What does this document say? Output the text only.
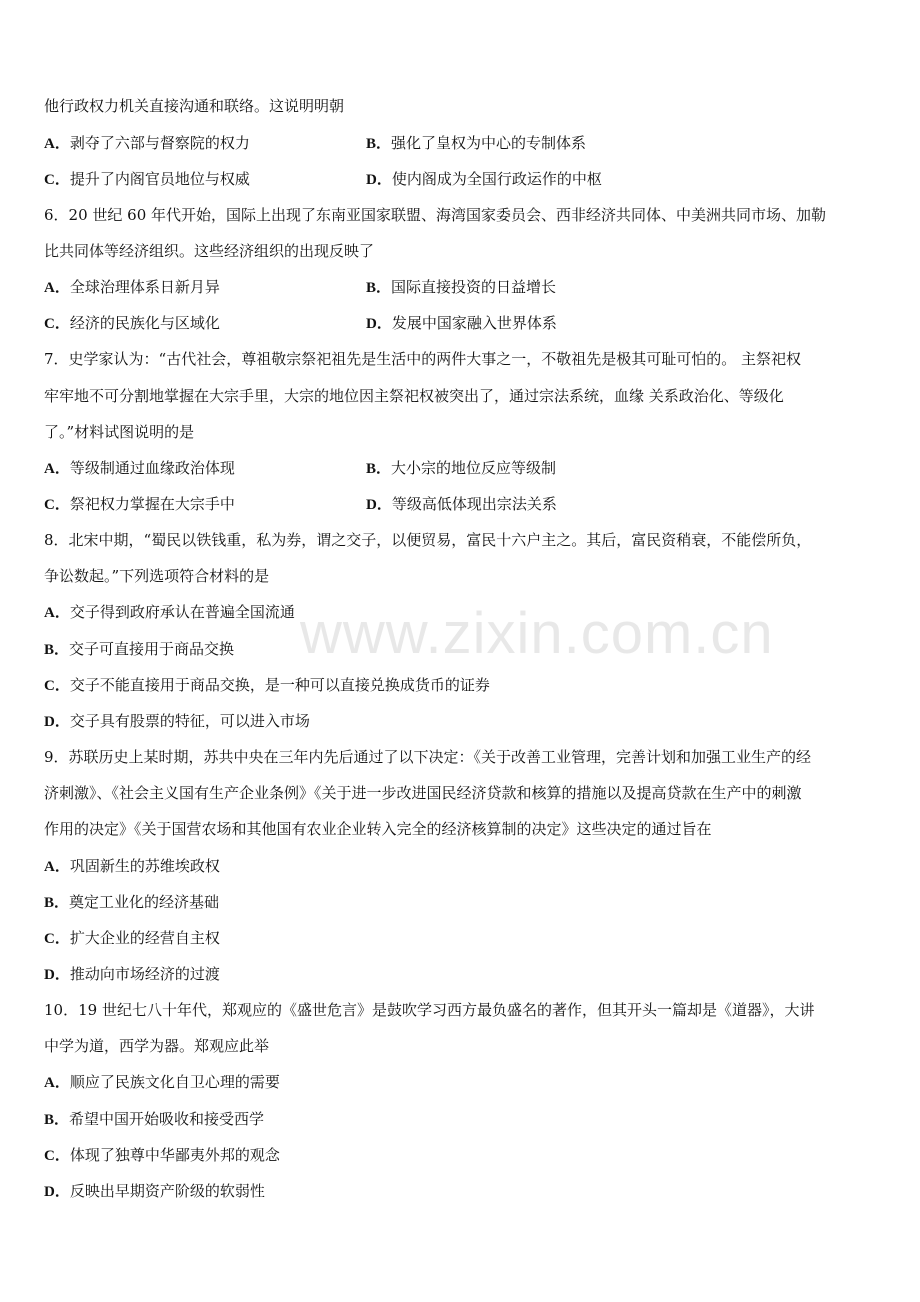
他行政权力机关直接沟通和联络。这说明明朝
A．剥夺了六部与督察院的权力	B．强化了皇权为中心的专制体系
C．提升了内阁官员地位与权威	D．使内阁成为全国行政运作的中枢
6．20 世纪 60 年代开始，国际上出现了东南亚国家联盟、海湾国家委员会、西非经济共同体、中美洲共同市场、加勒
比共同体等经济组织。这些经济组织的出现反映了
A．全球治理体系日新月异	B．国际直接投资的日益增长
C．经济的民族化与区域化	D．发展中国家融入世界体系
7．史学家认为：“古代社会，尊祖敬宗祭祀祖先是生活中的两件大事之一，不敬祖先是极其可耻可怕的。 主祭祀权
牢牢地不可分割地掌握在大宗手里，大宗的地位因主祭祀权被突出了，通过宗法系统，血缘 关系政治化、等级化
了。”材料试图说明的是
A．等级制通过血缘政治体现	B．大小宗的地位反应等级制
C．祭祀权力掌握在大宗手中	D．等级高低体现出宗法关系
8．北宋中期，“蜀民以铁钱重，私为券，谓之交子，以便贸易，富民十六户主之。其后，富民资稍衰，不能偿所负，
争讼数起。”下列选项符合材料的是
A．交子得到政府承认在普遍全国流通
B．交子可直接用于商品交换
C．交子不能直接用于商品交换，是一种可以直接兑换成货币的证券
D．交子具有股票的特征，可以进入市场
9．苏联历史上某时期，苏共中央在三年内先后通过了以下决定：《关于改善工业管理，完善计划和加强工业生产的经
济刺激》、《社会主义国有生产企业条例》《关于进一步改进国民经济贷款和核算的措施以及提高贷款在生产中的刺激
作用的决定》《关于国营农场和其他国有农业企业转入完全的经济核算制的决定》这些决定的通过旨在
A．巩固新生的苏维埃政权
B．奠定工业化的经济基础
C．扩大企业的经营自主权
D．推动向市场经济的过渡
10．19 世纪七八十年代，郑观应的《盛世危言》是鼓吹学习西方最负盛名的著作，但其开头一篇却是《道器》，大讲
中学为道，西学为器。郑观应此举
A．顺应了民族文化自卫心理的需要
B．希望中国开始吸收和接受西学
C．体现了独尊中华鄙夷外邦的观念
D．反映出早期资产阶级的软弱性
www.zixin.com.cn
